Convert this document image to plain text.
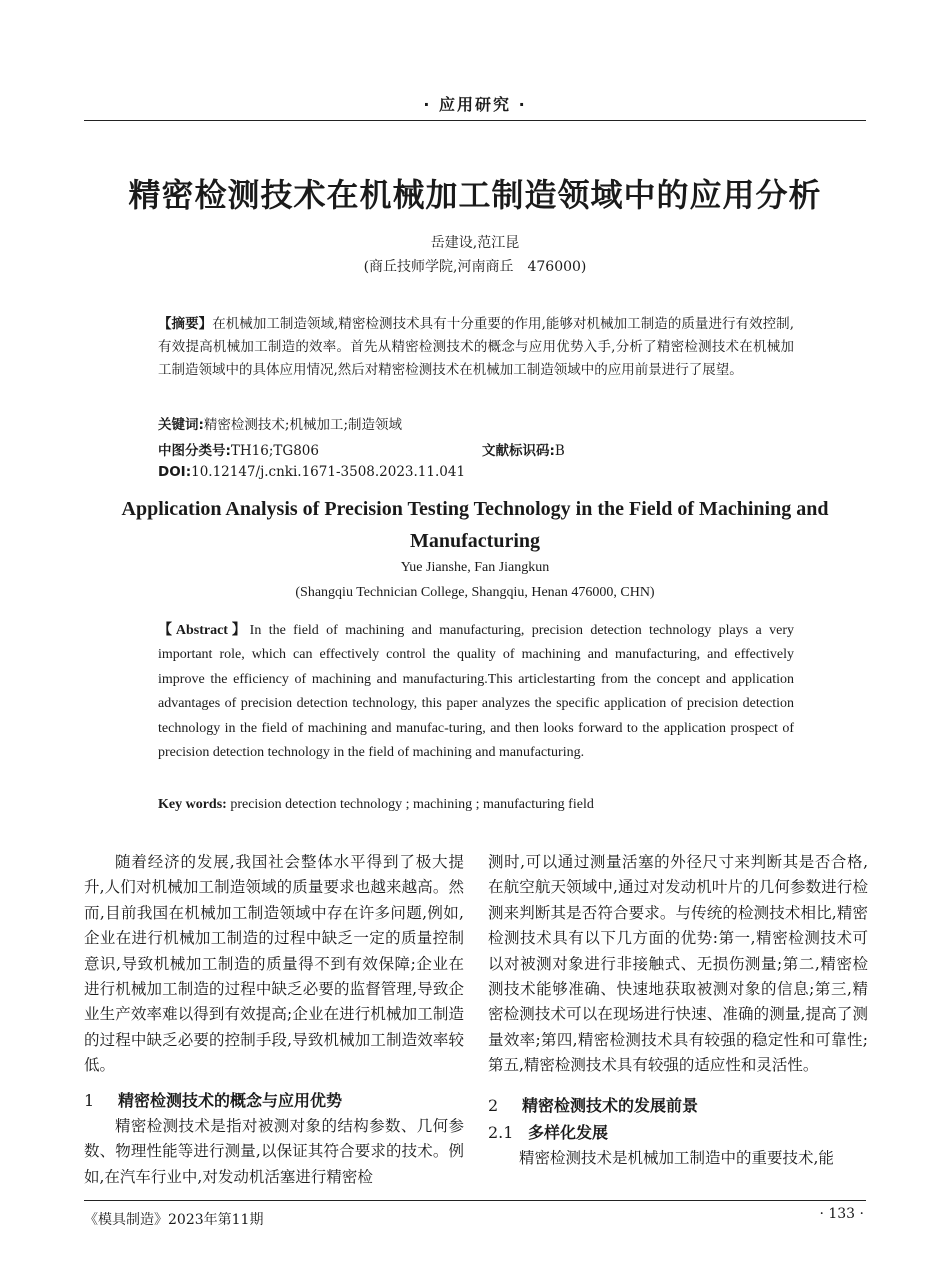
· 应用研究 ·
精密检测技术在机械加工制造领域中的应用分析
岳建设,范江昆
(商丘技师学院,河南商丘　476000)
【摘要】在机械加工制造领域,精密检测技术具有十分重要的作用,能够对机械加工制造的质量进行有效控制,有效提高机械加工制造的效率。首先从精密检测技术的概念与应用优势入手,分析了精密检测技术在机械加工制造领域中的具体应用情况,然后对精密检测技术在机械加工制造领域中的应用前景进行了展望。
关键词:精密检测技术;机械加工;制造领域
中图分类号:TH16;TG806	文献标识码:B
DOI:10.12147/j.cnki.1671-3508.2023.11.041
Application Analysis of Precision Testing Technology in the Field of Machining and Manufacturing
Yue Jianshe, Fan Jiangkun
(Shangqiu Technician College, Shangqiu, Henan 476000, CHN)
【Abstract】In the field of machining and manufacturing, precision detection technology plays a very important role, which can effectively control the quality of machining and manufacturing, and effectively improve the efficiency of machining and manufacturing.This articlestarting from the concept and application advantages of precision detection technology, this paper analyzes the specific application of precision detection technology in the field of machining and manufac-turing, and then looks forward to the application prospect of precision detection technology in the field of machining and manufacturing.
Key words: precision detection technology ; machining ; manufacturing field

随着经济的发展,我国社会整体水平得到了极大提升,人们对机械加工制造领域的质量要求也越来越高。然而,目前我国在机械加工制造领域中存在许多问题,例如,企业在进行机械加工制造的过程中缺乏一定的质量控制意识,导致机械加工制造的质量得不到有效保障;企业在进行机械加工制造的过程中缺乏必要的监督管理,导致企业生产效率难以得到有效提高;企业在进行机械加工制造的过程中缺乏必要的控制手段,导致机械加工制造效率较低。

1 精密检测技术的概念与应用优势

精密检测技术是指对被测对象的结构参数、几何参数、物理性能等进行测量,以保证其符合要求的技术。例如,在汽车行业中,对发动机活塞进行精密检

测时,可以通过测量活塞的外径尺寸来判断其是否合格,在航空航天领域中,通过对发动机叶片的几何参数进行检测来判断其是否符合要求。与传统的检测技术相比,精密检测技术具有以下几方面的优势:第一,精密检测技术可以对被测对象进行非接触式、无损伤测量;第二,精密检测技术能够准确、快速地获取被测对象的信息;第三,精密检测技术可以在现场进行快速、准确的测量,提高了测量效率;第四,精密检测技术具有较强的稳定性和可靠性;第五,精密检测技术具有较强的适应性和灵活性。

2 精密检测技术的发展前景
2.1 多样化发展

精密检测技术是机械加工制造中的重要技术,能

《模具制造》2023年第11期	· 133 ·
